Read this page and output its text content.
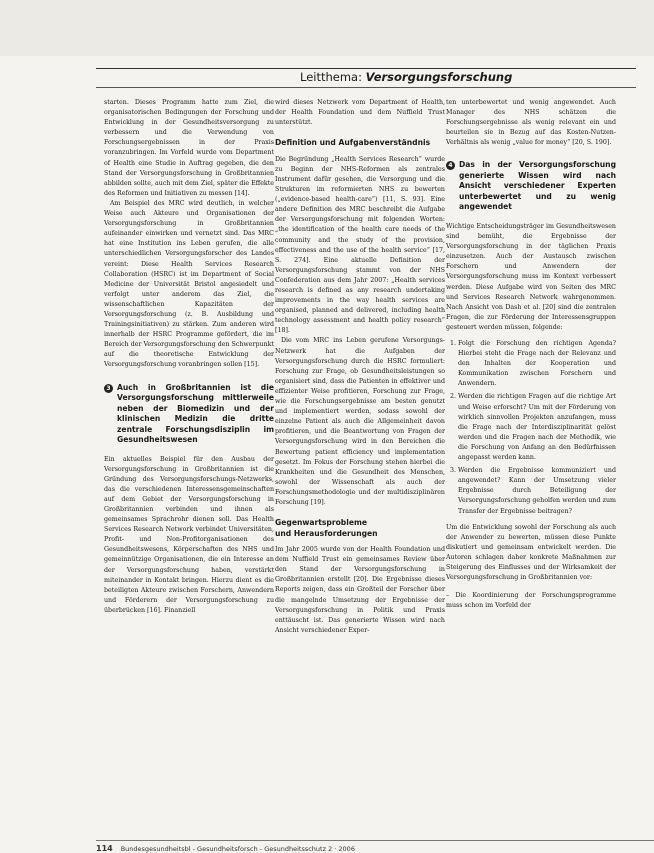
Leitthema: Versorgungsforschung

starten. Dieses Programm hatte zum Ziel, die organisatorischen Bedingungen der Forschung und Entwicklung in der Gesundheitsversorgung zu verbessern und die Verwendung von Forschungsergebnissen in der Praxis voranzubringen. Im Vorfeld wurde vom Department of Health eine Studie in Auftrag gegeben, die den Stand der Versorgungsforschung in Großbritannien abbilden sollte, auch mit dem Ziel, später die Effekte des Reformen und Initiativen zu messen [14].

Am Beispiel des MRC wird deutlich, in welcher Weise auch Akteure und Organisationen der Versorgungsforschung in Großbritannien aufeinander einwirken und vernetzt sind. Das MRC hat eine Institution ins Leben gerufen, die alle unterschiedlichen Versorgungsforscher des Landes vereint: Diese Health Services Research Collaboration (HSRC) ist im Department of Social Medicine der Universität Bristol angesiedelt und verfolgt unter anderem das Ziel, die wissenschaftlichen Kapazitäten der Versorgungsforschung (z. B. Ausbildung und Trainingsinitiativen) zu stärken. Zum anderen wird innerhalb der HSRC Programme gefördert, die im Bereich der Versorgungsforschung den Schwerpunkt auf die theoretische Entwicklung der Versorgungsforschung voranbringen sollen [15].

3 Auch in Großbritannien ist die Versorgungsforschung mittlerweile neben der Biomedizin und der klinischen Medizin die dritte zentrale Forschungsdisziplin im Gesundheitswesen

Ein aktuelles Beispiel für den Ausbau der Versorgungsforschung in Großbritannien ist die Gründung des Versorgungsforschungs-Netzwerks, das die verschiedenen Interessensgemeinschaften auf dem Gebiet der Versorgungsforschung in Großbritannien verbinden und ihnen als gemeinsames Sprachrohr dienen soll. Das Health Services Research Network verbindet Universitäten, Profit- und Non-Profitorganisationen des Gesundheitswesens, Körperschaften des NHS und gemeinnützige Organisationen, die ein Interesse an der Versorgungsforschung haben, verstärkt miteinander in Kontakt bringen. Hierzu dient es die beteiligten Akteure zwischen Forschern, Anwendern und Förderern der Versorgungsforschung zu überbrücken [16]. Finanziell

wird dieses Netzwerk vom Department of Health, der Health Foundation und dem Nuffield Trust unterstützt.

Definition und Aufgabenverständnis

Die Begründung „Health Services Research“ wurde zu Beginn der NHS-Reformen als zentrales Instrument dafür gesehen, die Versorgung und die Strukturen im reformierten NHS zu bewerten („evidence-based health-care“) [11, S. 93]. Eine andere Definition des MRC beschreibt die Aufgabe der Versorgungsforschung mit folgenden Worten: „the identification of the health care needs of the community and the study of the provision, effectiveness and the use of the health service“ [17, S. 274]. Eine aktuelle Definition der Versorgungsforschung stammt von der NHS Confederation aus dem Jahr 2007: „Health services research is defined as any research undertaking improvements in the way health services are organised, planned and delivered, including health technology assessment and health policy research“ [18].

Die vom MRC ins Leben gerufene Versorgungs-Netzwerk hat die Aufgaben der Versorgungsforschung durch die HSRC formuliert: Forschung zur Frage, ob Gesundheitsleistungen so organisiert sind, dass die Patienten in effektiver und effizienter Weise profitieren, Forschung zur Frage, wie die Forschungsergebnisse am besten genutzt und implementiert werden, sodass sowohl der einzelne Patient als auch die Allgemeinheit davon profitieren, und die Beantwortung von Fragen der Versorgungsforschung wird in den Bereichen die Bewertung patient efficiency und implementation gesetzt. Im Fokus der Forschung stehen hierbei die Krankheiten und die Gesundheit des Menschen, sowohl der Wissenschaft als auch der Forschungsmethodologie und der multidisziplinären Forschung [19].

Gegenwartsprobleme
und Herausforderungen

Im Jahr 2005 wurde von der Health Foundation und dem Nuffield Trust ein gemeinsames Review über den Stand der Versorgungsforschung in Großbritannien erstellt [20]. Die Ergebnisse dieses Reports zeigen, dass ein Großteil der Forscher über die mangelnde Umsetzung der Ergebnisse der Versorgungsforschung in Politik und Praxis enttäuscht ist. Das generierte Wissen wird nach Ansicht verschiedener Exper-

ten unterbewertet und wenig angewendet. Auch Manager des NHS schätzen die Forschungsergebnisse als wenig relevant ein und beurteilen sie in Bezug auf das Kosten-Nutzen-Verhältnis als wenig „value for money“ [20, S. 190].

4 Das in der Versorgungsforschung generierte Wissen wird nach Ansicht verschiedener Experten unterbewertet und zu wenig angewendet

Wichtige Entscheidungsträger im Gesundheitswesen sind bemüht, die Ergebnisse der Versorgungsforschung in der täglichen Praxis einzusetzen. Auch der Austausch zwischen Forschern und Anwendern der Versorgungsforschung muss im Kontext verbessert werden. Diese Aufgabe wird von Seiten des MRC und Services Research Network wahrgenommen. Nach Ansicht von Dash et al. [20] sind die zentralen Fragen, die zur Förderung der Interessensgruppen gesteuert werden müssen, folgende:

1. Folgt die Forschung den richtigen Agenda? Hierbei steht die Frage nach der Relevanz und den Inhalten der Kooperation und Kommunikation zwischen Forschern und Anwendern.
2. Werden die richtigen Fragen auf die richtige Art und Weise erforscht? Um mit der Förderung von wirklich sinnvollen Projekten anzufangen, muss die Frage nach der Interdisziplinarität gelöst werden und die Fragen nach der Methodik, wie die Forschung von Anfang an den Bedürfnissen angepasst werden kann.
3. Werden die Ergebnisse kommuniziert und angewendet? Kann der Umsetzung vieler Ergebnisse durch Beteiligung der Versorgungsforschung geholfen werden und zum Transfer der Ergebnisse beitragen?

Um die Entwicklung sowohl der Forschung als auch der Anwender zu bewerten, müssen diese Punkte diskutiert und gemeinsam entwickelt werden. Die Autoren schlagen daher konkrete Maßnahmen zur Steigerung des Einflusses und der Wirksamkeit der Versorgungsforschung in Großbritannien vor:

– Die Koordinierung der Forschungsprogramme muss schon im Vorfeld der
114 Bundesgesundheitsbl - Gesundheitsforsch - Gesundheitsschutz 2 · 2006
